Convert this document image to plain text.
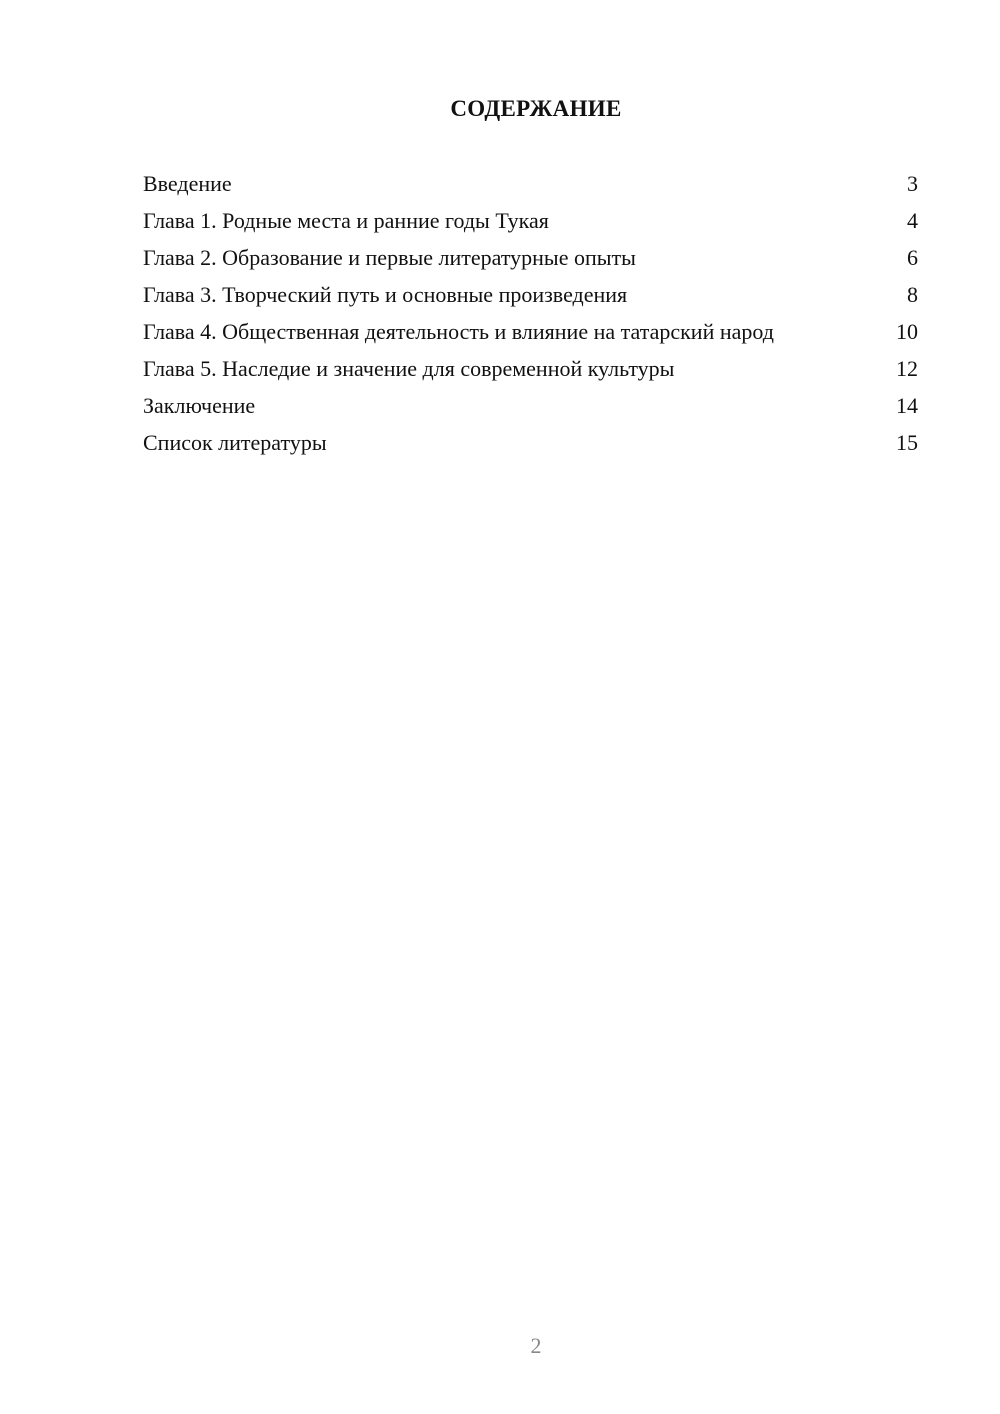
СОДЕРЖАНИЕ
Введение	3
Глава 1. Родные места и ранние годы Тукая	4
Глава 2. Образование и первые литературные опыты	6
Глава 3. Творческий путь и основные произведения	8
Глава 4. Общественная деятельность и влияние на татарский народ	10
Глава 5. Наследие и значение для современной культуры	12
Заключение	14
Список литературы	15
2
